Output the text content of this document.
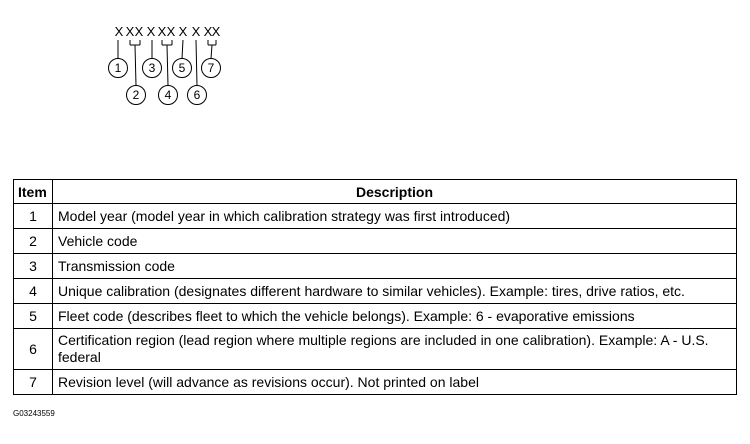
X X X X X X X X X X
1
2
3
4
5
6
7
Item	Description
1	Model year (model year in which calibration strategy was first introduced)
2	Vehicle code
3	Transmission code
4	Unique calibration (designates different hardware to similar vehicles). Example: tires, drive ratios, etc.
5	Fleet code (describes fleet to which the vehicle belongs). Example: 6 - evaporative emissions
6	Certification region (lead region where multiple regions are included in one calibration). Example: A - U.S. federal
7	Revision level (will advance as revisions occur). Not printed on label
G03243559
